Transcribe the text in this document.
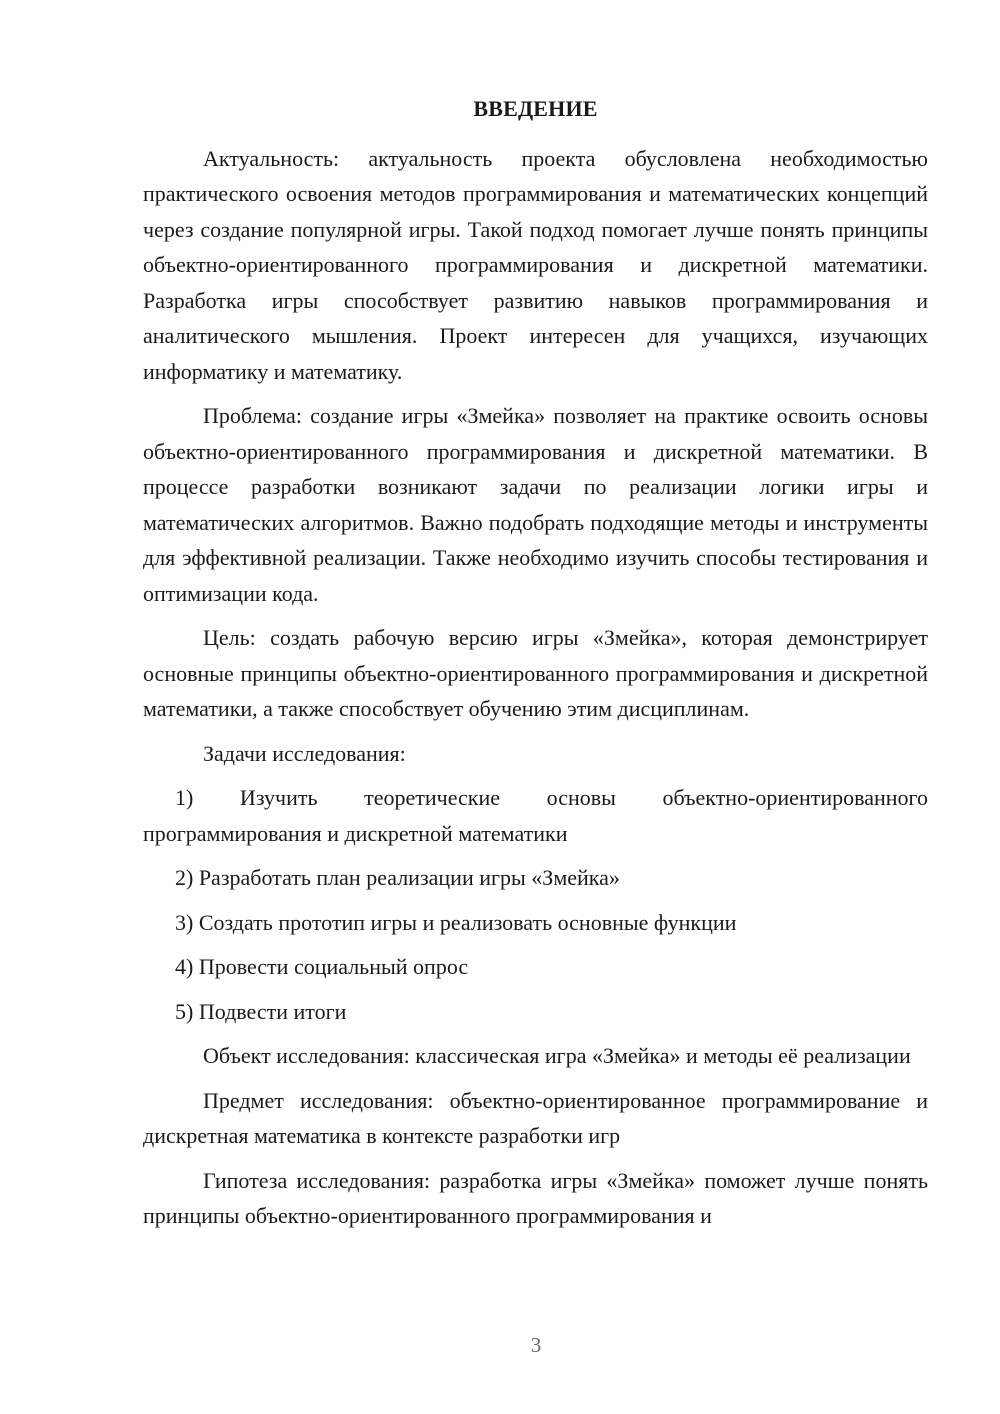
ВВЕДЕНИЕ

Актуальность: актуальность проекта обусловлена необходимостью практического освоения методов программирования и математических концепций через создание популярной игры. Такой подход помогает лучше понять принципы объектно-ориентированного программирования и дискретной математики. Разработка игры способствует развитию навыков программирования и аналитического мышления. Проект интересен для учащихся, изучающих информатику и математику.

Проблема: создание игры «Змейка» позволяет на практике освоить основы объектно-ориентированного программирования и дискретной математики. В процессе разработки возникают задачи по реализации логики игры и математических алгоритмов. Важно подобрать подходящие методы и инструменты для эффективной реализации. Также необходимо изучить способы тестирования и оптимизации кода.

Цель: создать рабочую версию игры «Змейка», которая демонстрирует основные принципы объектно-ориентированного программирования и дискретной математики, а также способствует обучению этим дисциплинам.

Задачи исследования:

1) Изучить теоретические основы объектно-ориентированного программирования и дискретной математики

2) Разработать план реализации игры «Змейка»

3) Создать прототип игры и реализовать основные функции

4) Провести социальный опрос

5) Подвести итоги

Объект исследования: классическая игра «Змейка» и методы её реализации

Предмет исследования: объектно-ориентированное программирование и дискретная математика в контексте разработки игр

Гипотеза исследования: разработка игры «Змейка» поможет лучше понять принципы объектно-ориентированного программирования и

3
